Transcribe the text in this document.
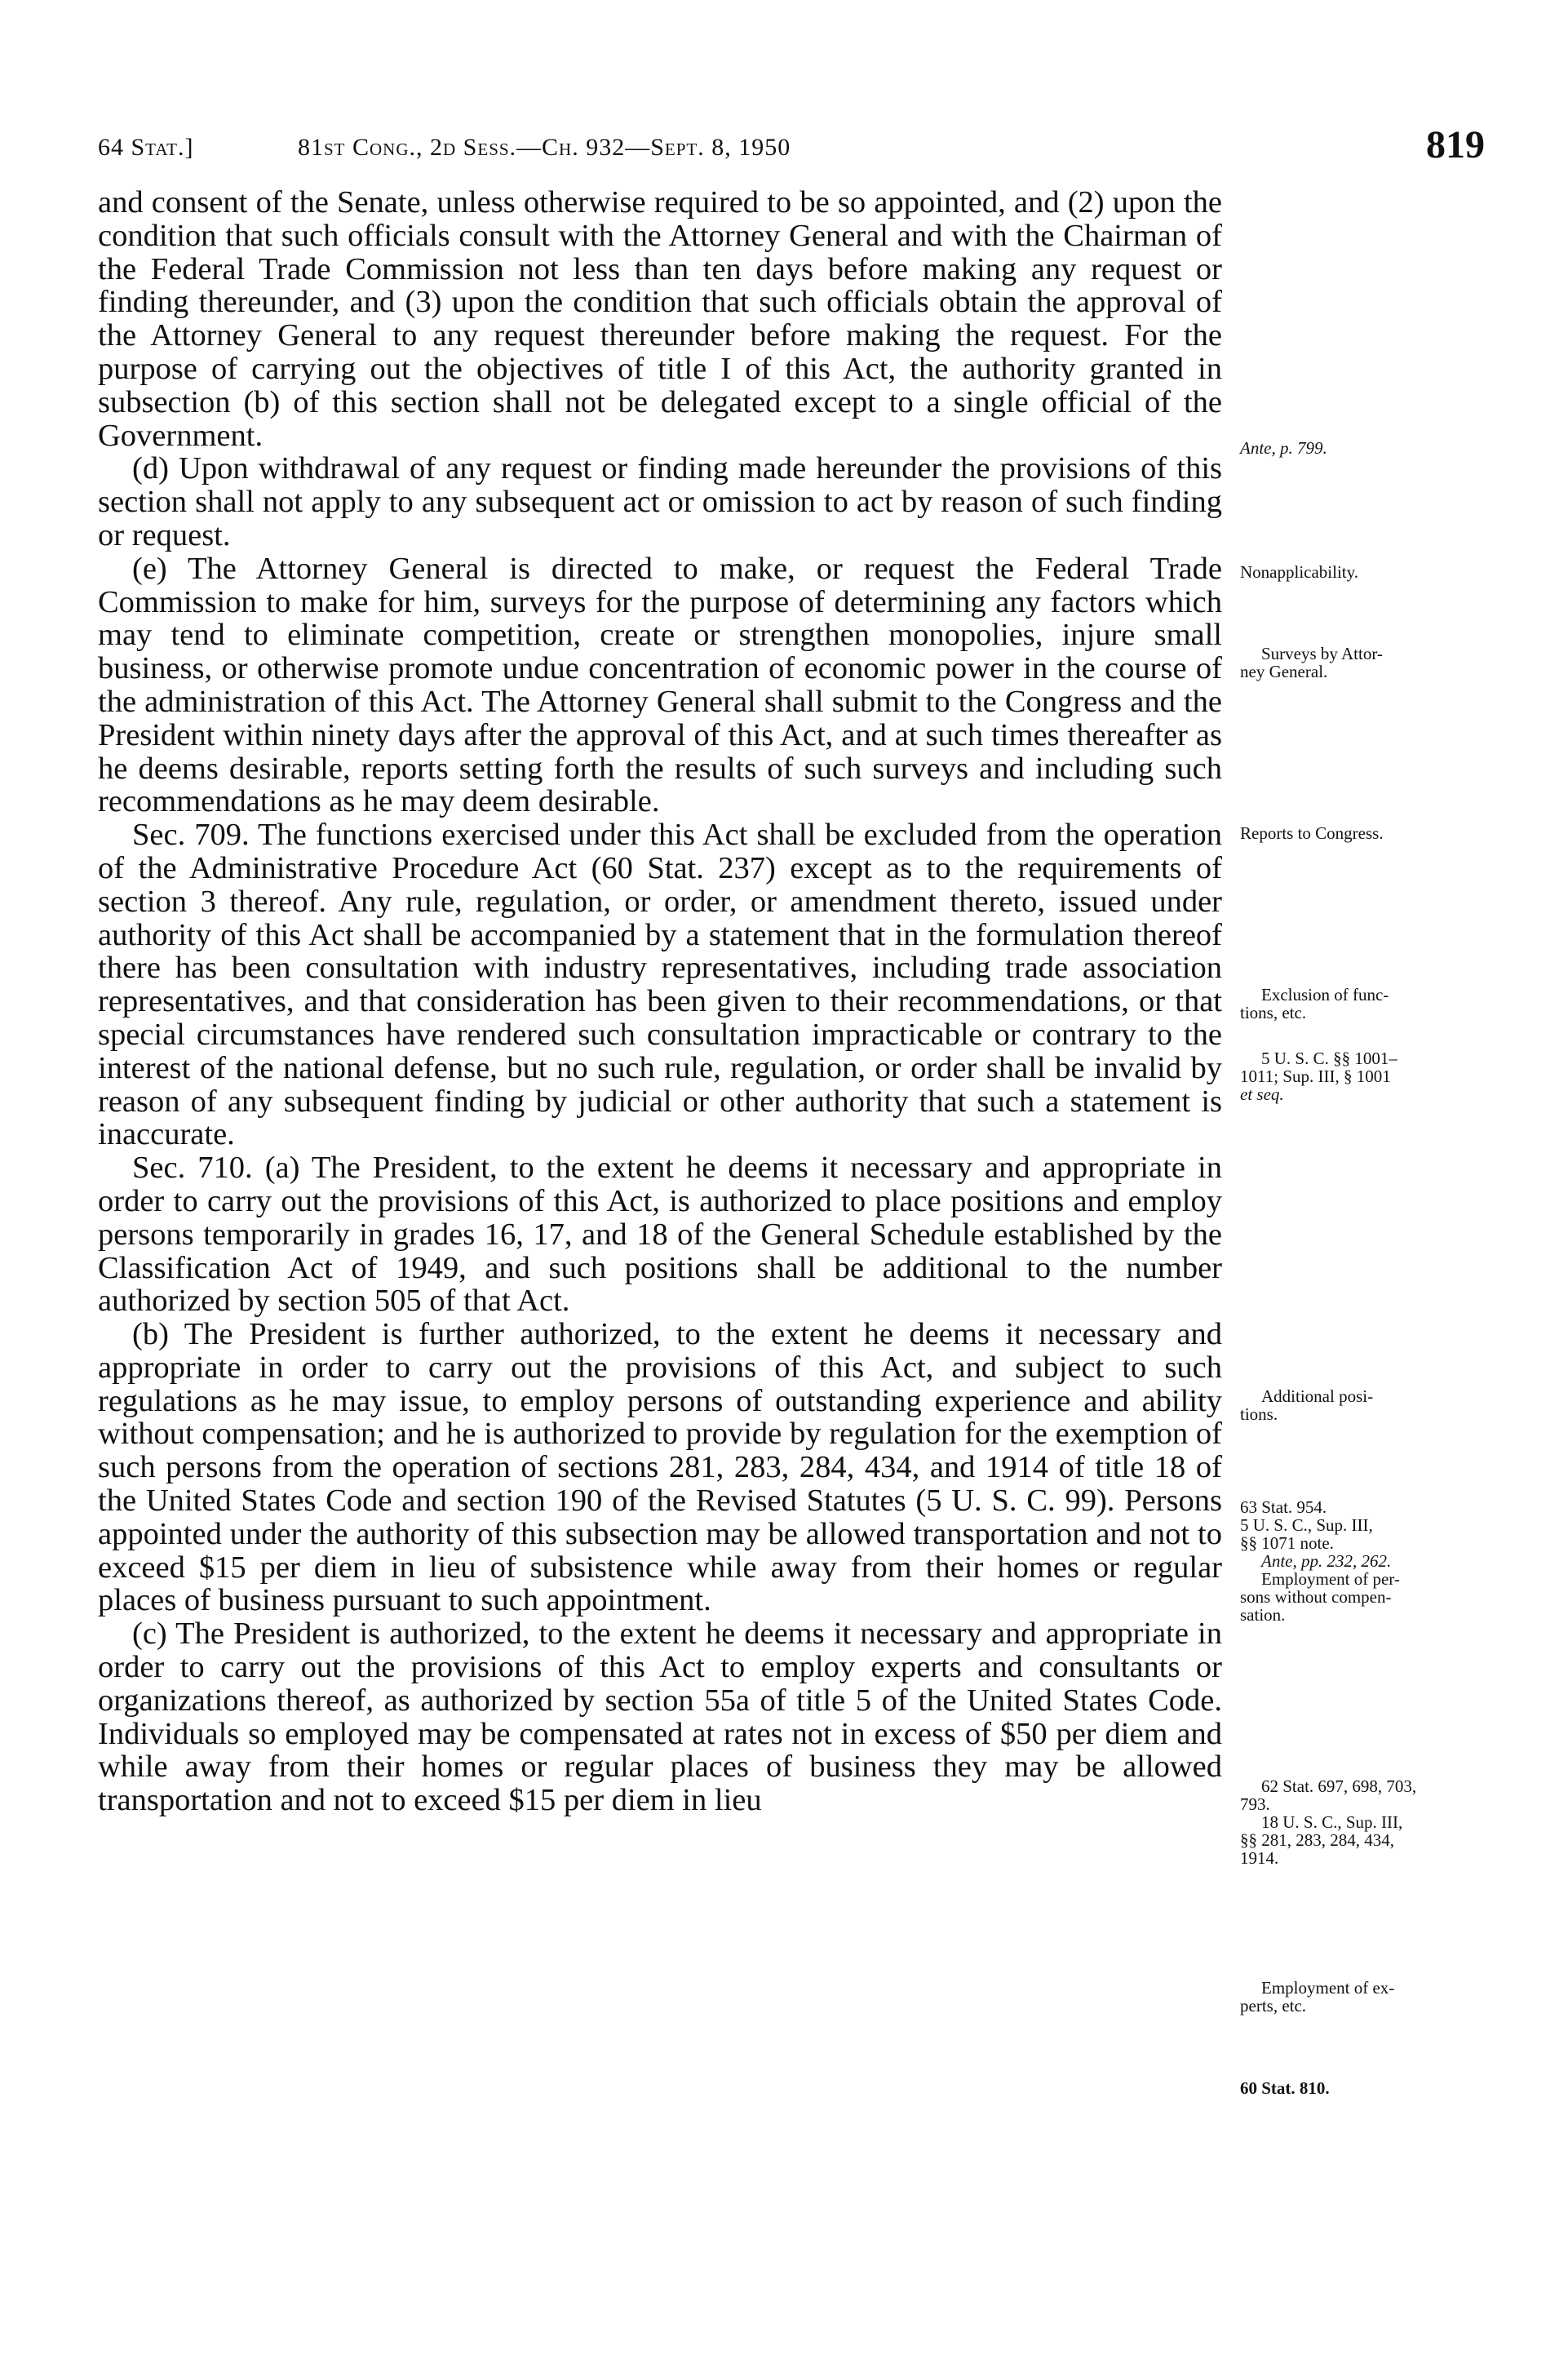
64 Stat.]	81st Cong., 2d Sess.—Ch. 932—Sept. 8, 1950	819

and consent of the Senate, unless otherwise required to be so appointed, and (2) upon the condition that such officials consult with the Attorney General and with the Chairman of the Federal Trade Commission not less than ten days before making any request or finding thereunder, and (3) upon the condition that such officials obtain the approval of the Attorney General to any request thereunder before making the request. For the purpose of carrying out the objectives of title I of this Act, the authority granted in subsection (b) of this section shall not be delegated except to a single official of the Government.

(d) Upon withdrawal of any request or finding made hereunder the provisions of this section shall not apply to any subsequent act or omission to act by reason of such finding or request.

(e) The Attorney General is directed to make, or request the Federal Trade Commission to make for him, surveys for the purpose of determining any factors which may tend to eliminate competition, create or strengthen monopolies, injure small business, or otherwise promote undue concentration of economic power in the course of the administration of this Act. The Attorney General shall submit to the Congress and the President within ninety days after the approval of this Act, and at such times thereafter as he deems desirable, reports setting forth the results of such surveys and including such recommendations as he may deem desirable.

Sec. 709. The functions exercised under this Act shall be excluded from the operation of the Administrative Procedure Act (60 Stat. 237) except as to the requirements of section 3 thereof. Any rule, regulation, or order, or amendment thereto, issued under authority of this Act shall be accompanied by a statement that in the formulation thereof there has been consultation with industry representatives, including trade association representatives, and that consideration has been given to their recommendations, or that special circumstances have rendered such consultation impracticable or contrary to the interest of the national defense, but no such rule, regulation, or order shall be invalid by reason of any subsequent finding by judicial or other authority that such a statement is inaccurate.

Sec. 710. (a) The President, to the extent he deems it necessary and appropriate in order to carry out the provisions of this Act, is authorized to place positions and employ persons temporarily in grades 16, 17, and 18 of the General Schedule established by the Classification Act of 1949, and such positions shall be additional to the number authorized by section 505 of that Act.

(b) The President is further authorized, to the extent he deems it necessary and appropriate in order to carry out the provisions of this Act, and subject to such regulations as he may issue, to employ persons of outstanding experience and ability without compensation; and he is authorized to provide by regulation for the exemption of such persons from the operation of sections 281, 283, 284, 434, and 1914 of title 18 of the United States Code and section 190 of the Revised Statutes (5 U. S. C. 99). Persons appointed under the authority of this subsection may be allowed transportation and not to exceed $15 per diem in lieu of subsistence while away from their homes or regular places of business pursuant to such appointment.

(c) The President is authorized, to the extent he deems it necessary and appropriate in order to carry out the provisions of this Act to employ experts and consultants or organizations thereof, as authorized by section 55a of title 5 of the United States Code. Individuals so employed may be compensated at rates not in excess of $50 per diem and while away from their homes or regular places of business they may be allowed transportation and not to exceed $15 per diem in lieu

Ante, p. 799.
Nonapplicability.
Surveys by Attor-
ney General.
Reports to Congress.
Exclusion of func-
tions, etc.
5 U. S. C. §§ 1001–
1011; Sup. III, § 1001
et seq.
Additional posi-
tions.
63 Stat. 954.
5 U. S. C., Sup. III,
§§ 1071 note.
Ante, pp. 232, 262.
Employment of per-
sons without compen-
sation.
62 Stat. 697, 698, 703,
793.
18 U. S. C., Sup. III,
§§ 281, 283, 284, 434,
1914.
Employment of ex-
perts, etc.
60 Stat. 810.
